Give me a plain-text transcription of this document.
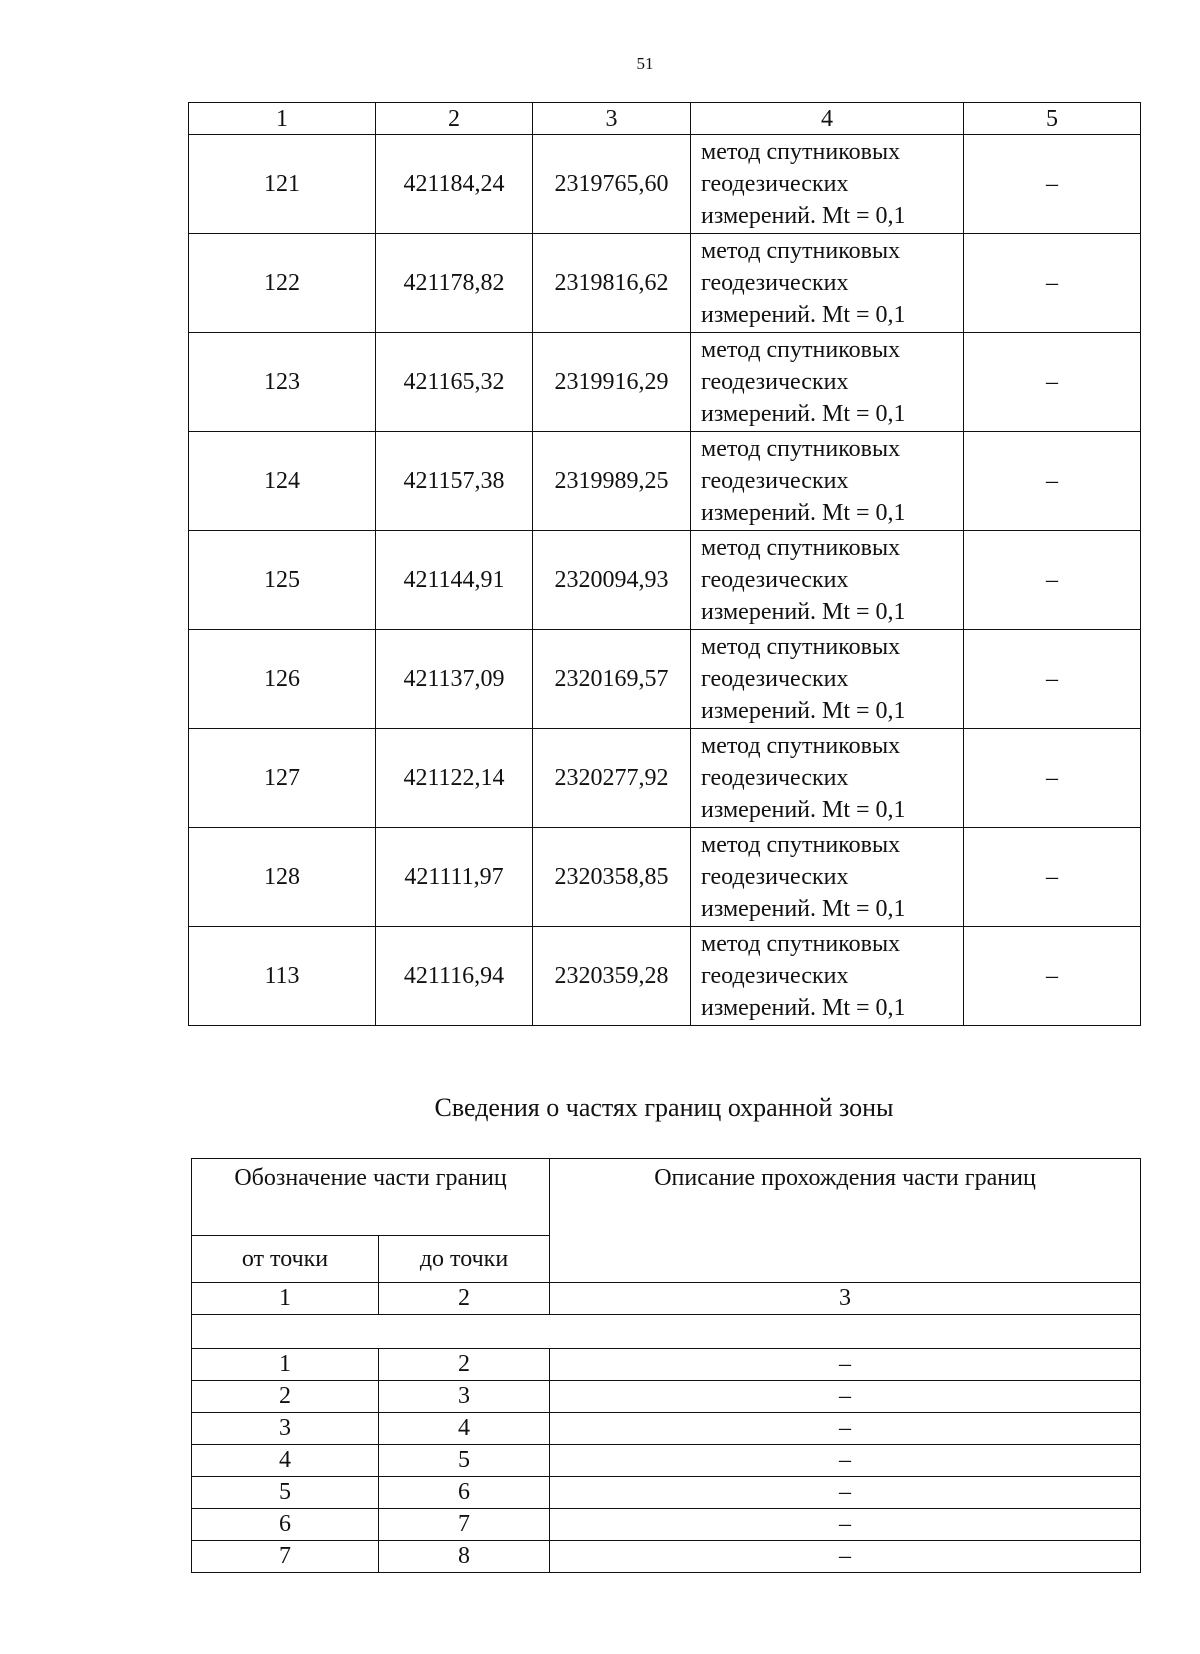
51
1	2	3	4	5
121	421184,24	2319765,60	метод спутниковых
геодезических
измерений. Mt = 0,1	–
122	421178,82	2319816,62	метод спутниковых
геодезических
измерений. Mt = 0,1	–
123	421165,32	2319916,29	метод спутниковых
геодезических
измерений. Mt = 0,1	–
124	421157,38	2319989,25	метод спутниковых
геодезических
измерений. Mt = 0,1	–
125	421144,91	2320094,93	метод спутниковых
геодезических
измерений. Mt = 0,1	–
126	421137,09	2320169,57	метод спутниковых
геодезических
измерений. Mt = 0,1	–
127	421122,14	2320277,92	метод спутниковых
геодезических
измерений. Mt = 0,1	–
128	421111,97	2320358,85	метод спутниковых
геодезических
измерений. Mt = 0,1	–
113	421116,94	2320359,28	метод спутниковых
геодезических
измерений. Mt = 0,1	–
Сведения о частях границ охранной зоны
Обозначение части границ		Описание прохождения части границ
от точки	до точки	
1	2	3

1	2	–
2	3	–
3	4	–
4	5	–
5	6	–
6	7	–
7	8	–
